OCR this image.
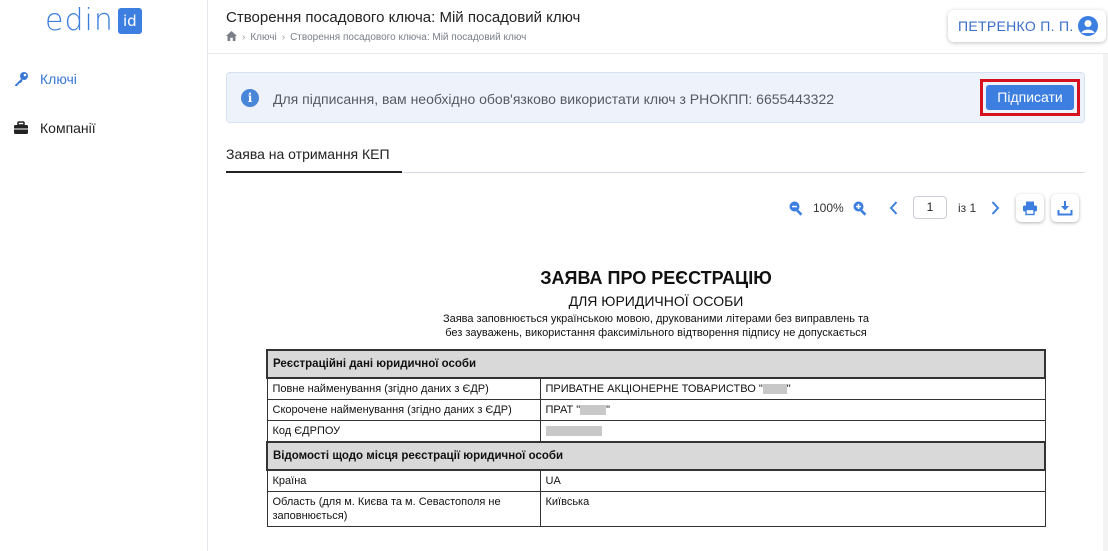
edin id
Ключі
Компанії
Створення посадового ключа: Мій посадовий ключ
› Ключі › Створення посадового ключа: Мій посадовий ключ
ПЕТРЕНКО П. П.
i	Для підписання, вам необхідно обов'язково використати ключ з РНОКПП: 6655443322	Підписати
Заява на отримання КЕП
100%	1	із 1
ЗАЯВА ПРО РЕЄСТРАЦІЮ
ДЛЯ ЮРИДИЧНОЇ ОСОБИ
Заява заповнюється українською мовою, друкованими літерами без виправлень та
без зауважень, використання факсимільного відтворення підпису не допускається
Реєстраційні дані юридичної особи	
Повне найменування (згідно даних з ЄДР)	ПРИВАТНЕ АКЦІОНЕРНЕ ТОВАРИСТВО " "
Скорочене найменування (згідно даних з ЄДР)	ПРАТ " "
Код ЄДРПОУ	
Відомості щодо місця реєстрації юридичної особи	
Країна	UA
Область (для м. Києва та м. Севастополя не заповнюється)	Київська
